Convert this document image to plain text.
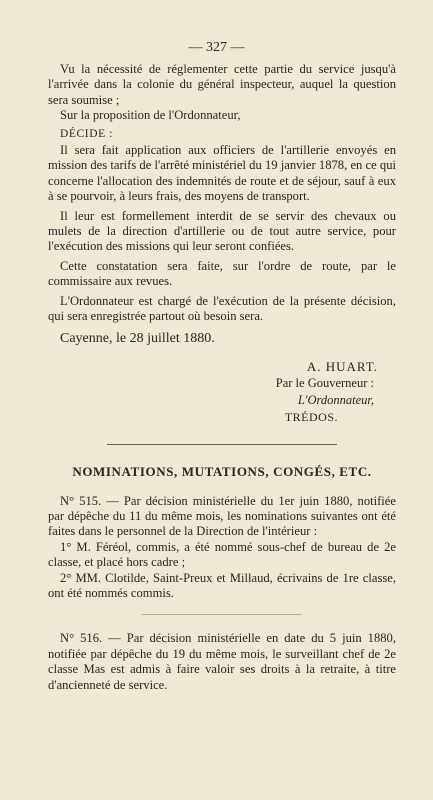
— 327 —

Vu la nécessité de réglementer cette partie du service jusqu'à l'arrivée dans la colonie du général inspecteur, auquel la question sera soumise ;

Sur la proposition de l'Ordonnateur,

DÉCIDE :

Il sera fait application aux officiers de l'artillerie envoyés en mission des tarifs de l'arrêté ministériel du 19 janvier 1878, en ce qui concerne l'allocation des indemnités de route et de séjour, sauf à eux à se pourvoir, à leurs frais, des moyens de transport.

Il leur est formellement interdit de se servir des chevaux ou mulets de la direction d'artillerie ou de tout autre service, pour l'exécution des missions qui leur seront confiées.

Cette constatation sera faite, sur l'ordre de route, par le commissaire aux revues.

L'Ordonnateur est chargé de l'exécution de la présente décision, qui sera enregistrée partout où besoin sera.

Cayenne, le 28 juillet 1880.

A. HUART.
Par le Gouverneur :
L'Ordonnateur,
TRÉDOS.
NOMINATIONS, MUTATIONS, CONGÉS, ETC.

N° 515. — Par décision ministérielle du 1er juin 1880, notifiée par dépêche du 11 du même mois, les nominations suivantes ont été faites dans le personnel de la Direction de l'intérieur :

1° M. Féréol, commis, a été nommé sous-chef de bureau de 2e classe, et placé hors cadre ;

2° MM. Clotilde, Saint-Preux et Millaud, écrivains de 1re classe, ont été nommés commis.

N° 516. — Par décision ministérielle en date du 5 juin 1880, notifiée par dépêche du 19 du même mois, le surveillant chef de 2e classe Mas est admis à faire valoir ses droits à la retraite, à titre d'ancienneté de service.
